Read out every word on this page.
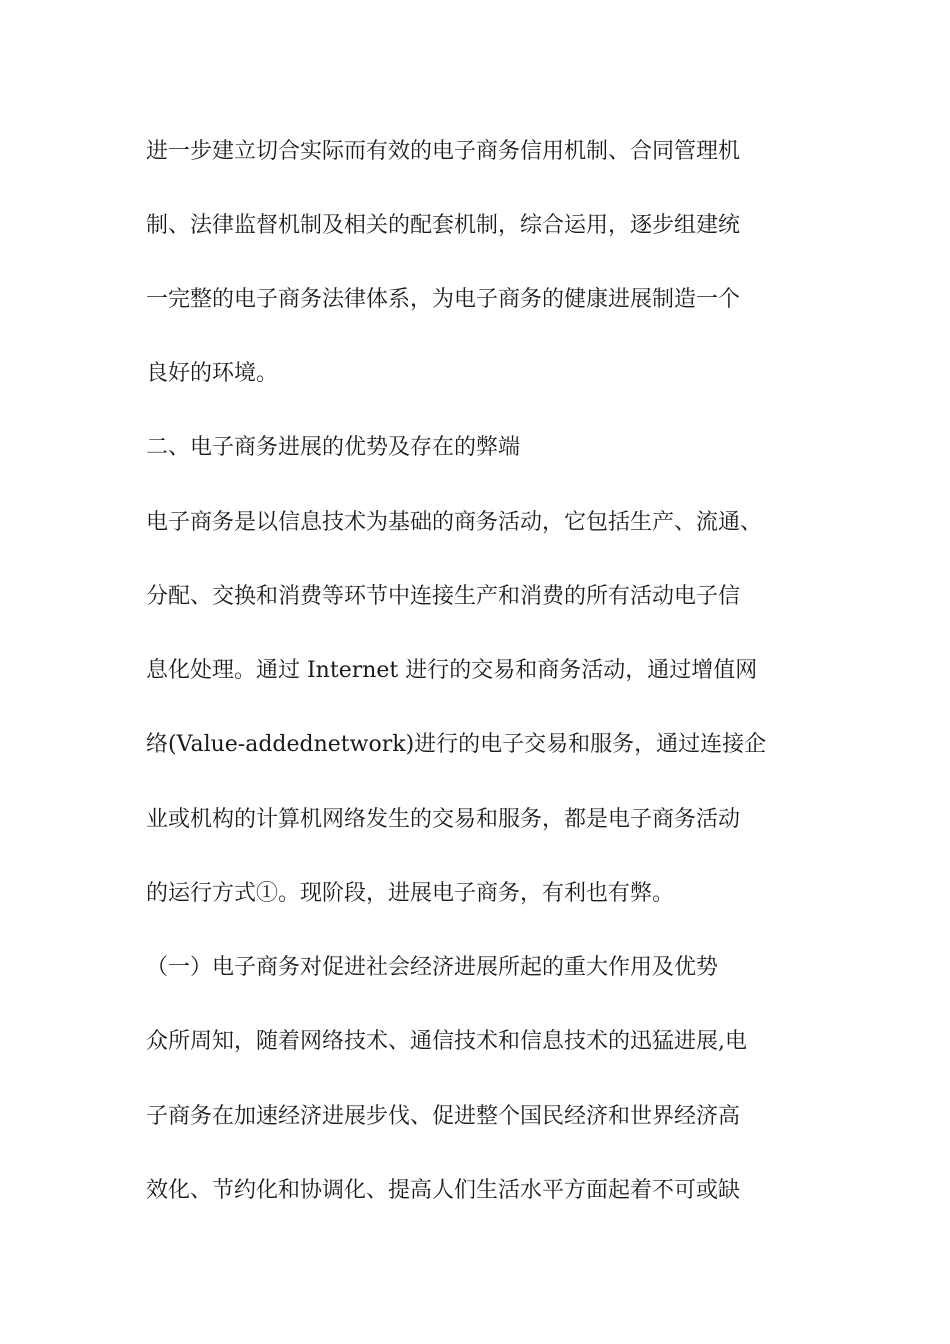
进一步建立切合实际而有效的电子商务信用机制、合同管理机
制、法律监督机制及相关的配套机制，综合运用，逐步组建统
一完整的电子商务法律体系，为电子商务的健康进展制造一个
良好的环境。
二、电子商务进展的优势及存在的弊端
电子商务是以信息技术为基础的商务活动，它包括生产、流通、
分配、交换和消费等环节中连接生产和消费的所有活动电子信
息化处理。通过 Internet 进行的交易和商务活动，通过增值网
络(Value-addednetwork)进行的电子交易和服务，通过连接企
业或机构的计算机网络发生的交易和服务，都是电子商务活动
的运行方式①。现阶段，进展电子商务，有利也有弊。
（一）电子商务对促进社会经济进展所起的重大作用及优势
众所周知，随着网络技术、通信技术和信息技术的迅猛进展,电
子商务在加速经济进展步伐、促进整个国民经济和世界经济高
效化、节约化和协调化、提高人们生活水平方面起着不可或缺
